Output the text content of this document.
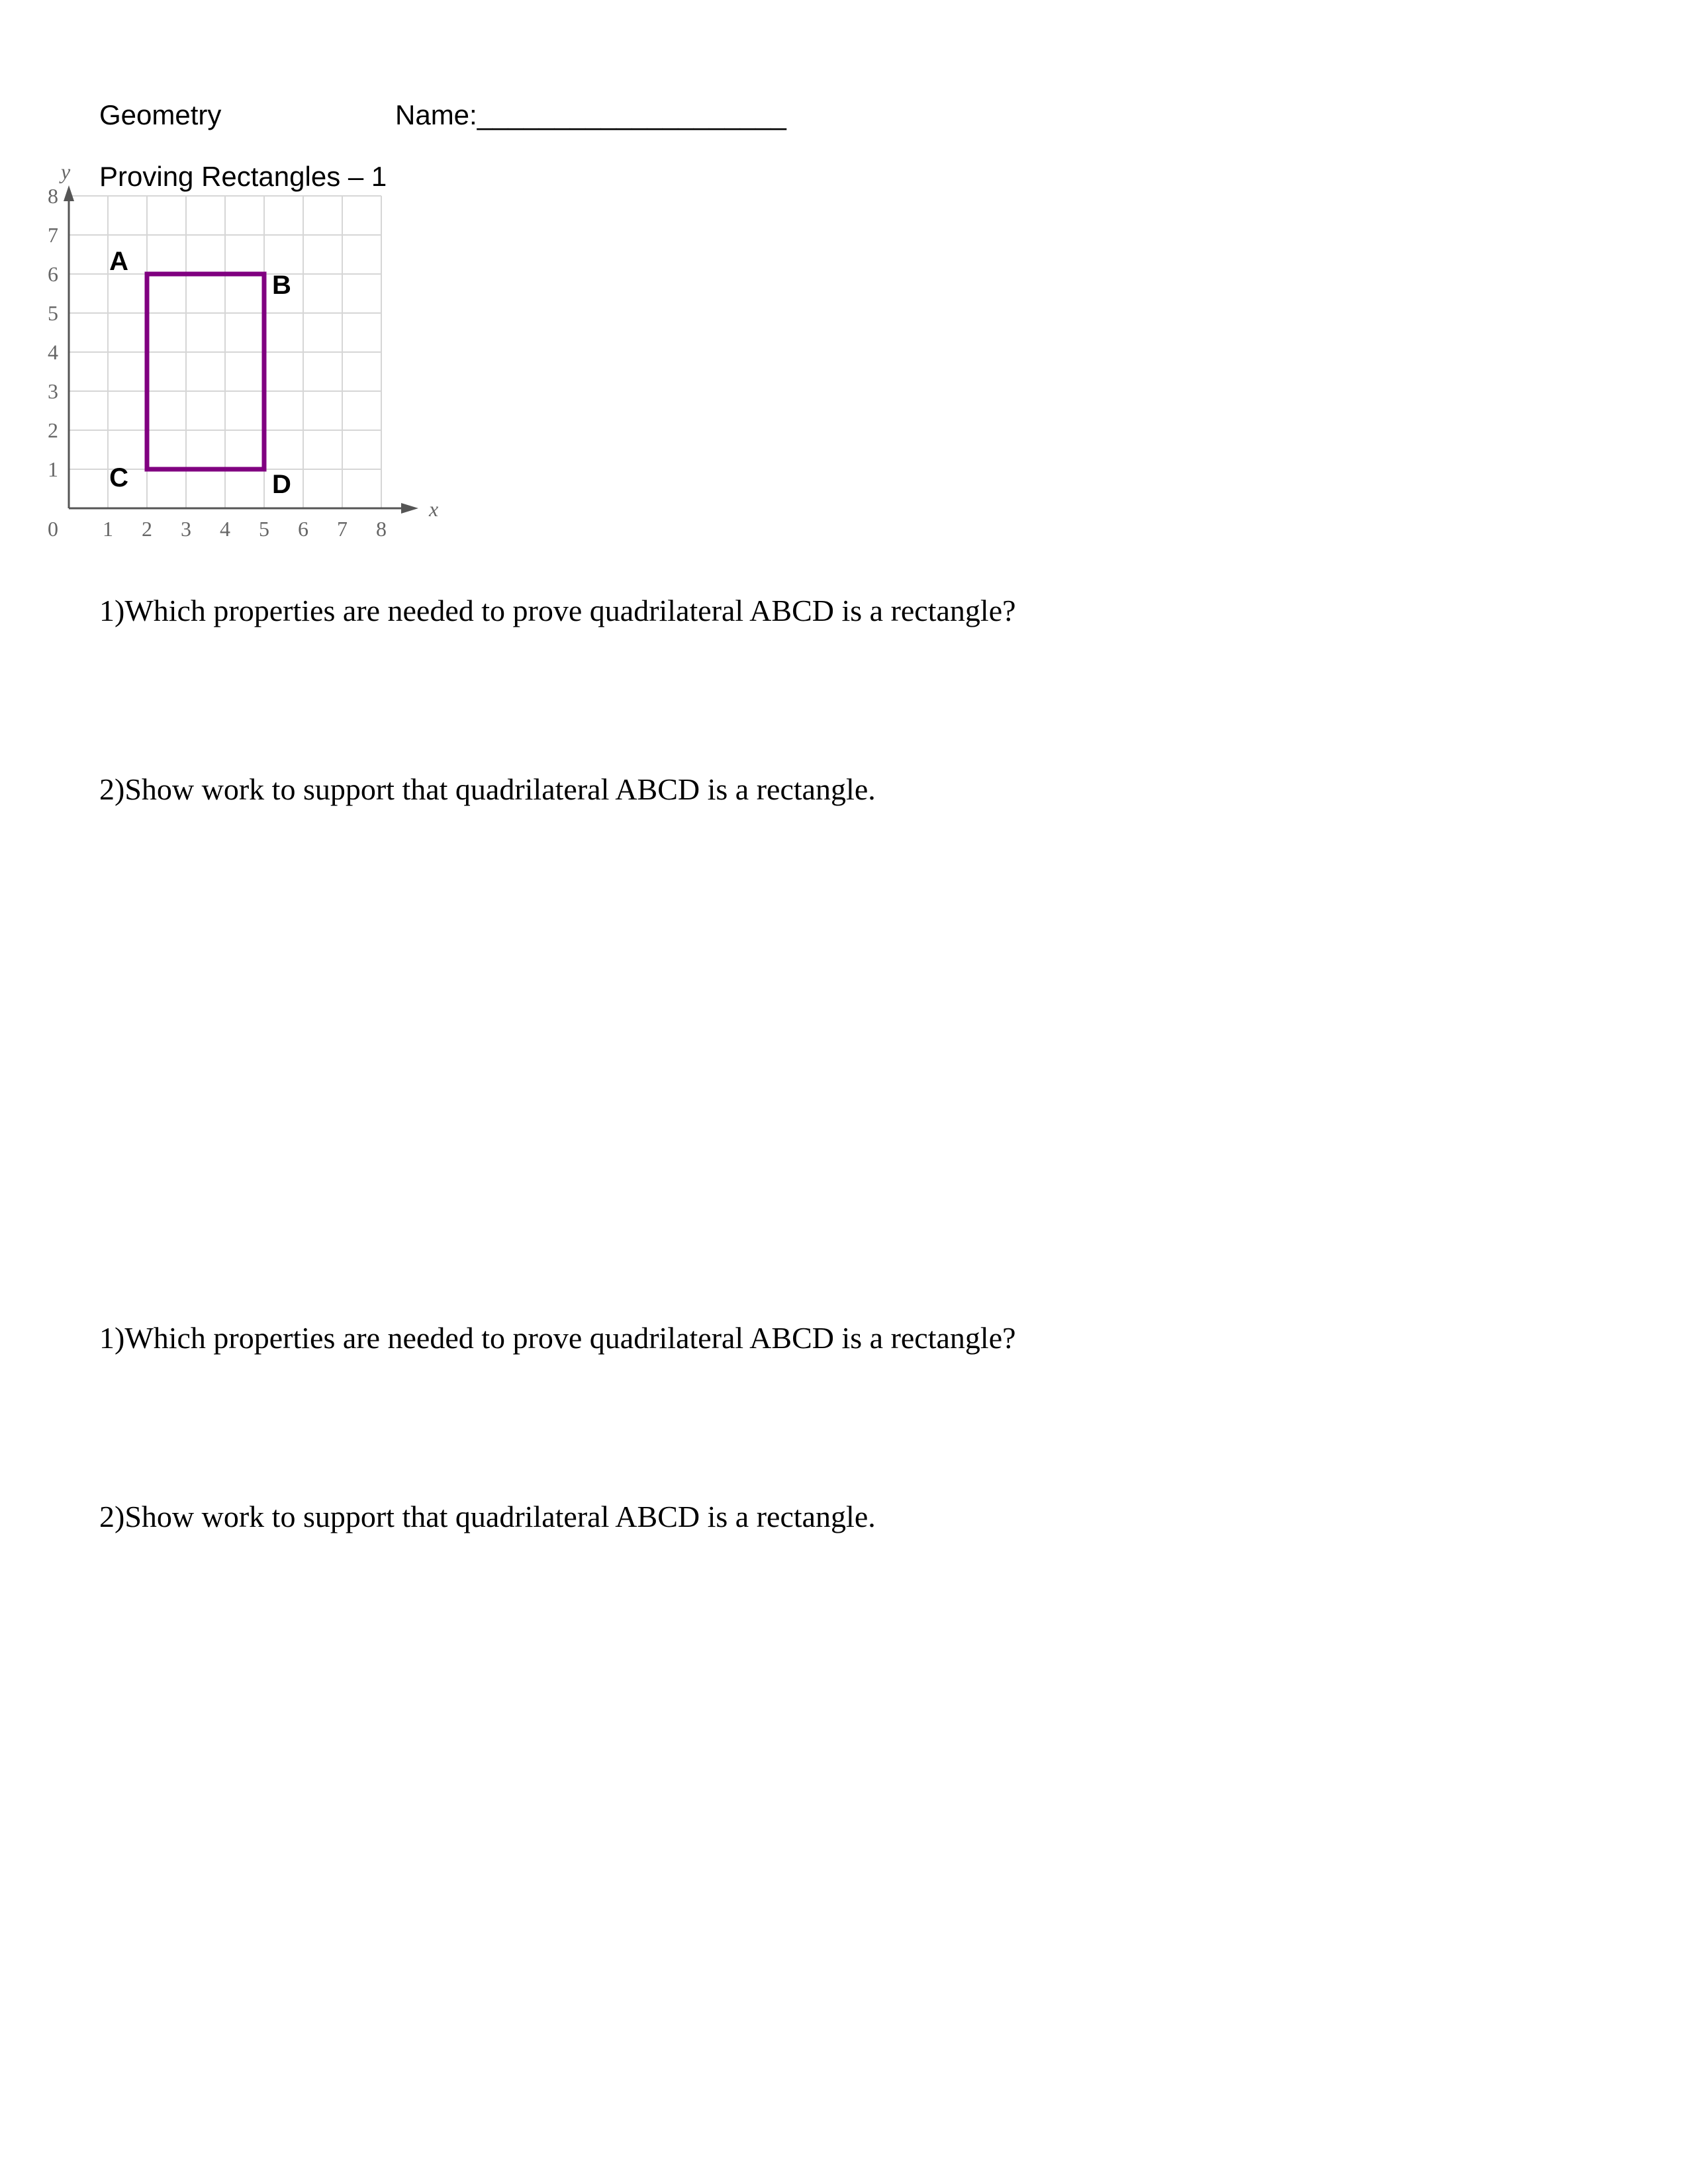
Geometry	Name:____________________
Proving Rectangles – 1
x
y
0 1 2 3 4 5 6 7 8
1
2
3
4
5
6
7
8
A
B
D
C
1)Which properties are needed to prove quadrilateral ABCD is a rectangle?
2)Show work to support that quadrilateral ABCD is a rectangle.
1)Which properties are needed to prove quadrilateral ABCD is a rectangle?
2)Show work to support that quadrilateral ABCD is a rectangle.
